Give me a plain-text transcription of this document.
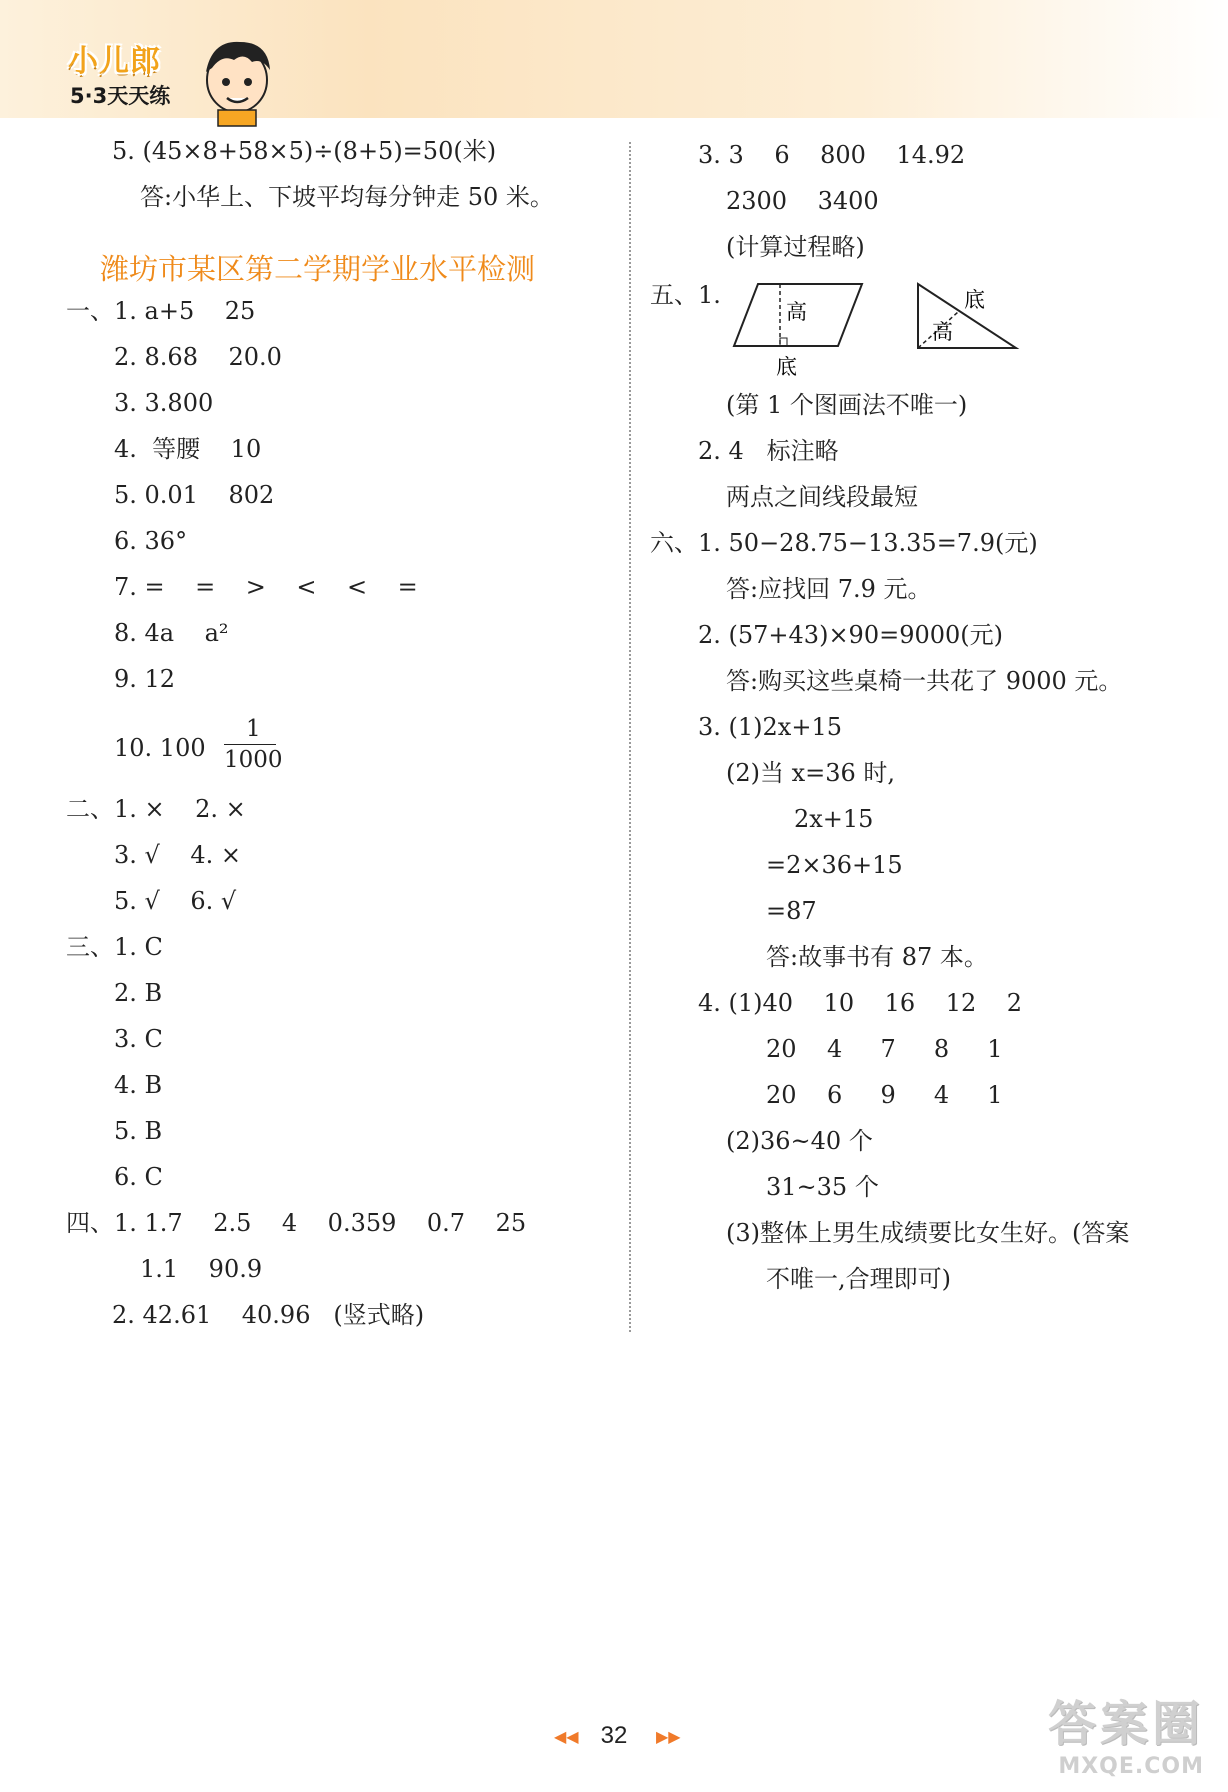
小儿郎
5·3天天练
5. (45×8+58×5)÷(8+5)=50(米)
答:小华上、下坡平均每分钟走 50 米。
潍坊市某区第二学期学业水平检测
一、1. a+5    25
2. 8.68    20.0
3. 3.800
4.  等腰    10
5. 0.01    802
6. 36°
7. =    =    >    <    <    =
8. 4a    a²
9. 12
10. 100
1
1000
二、1. ×    2. ×
3. √    4. ×
5. √    6. √
三、1. C
2. B
3. C
4. B
5. B
6. C
四、1. 1.7    2.5    4    0.359    0.7    25
1.1    90.9
2. 42.61    40.96   (竖式略)
3. 3    6    800    14.92
2300    3400
(计算过程略)
五、1.
高
底
底
高
(第 1 个图画法不唯一)
2. 4   标注略
两点之间线段最短
六、1. 50−28.75−13.35=7.9(元)
答:应找回 7.9 元。
2. (57+43)×90=9000(元)
答:购买这些桌椅一共花了 9000 元。
3. (1)2x+15
(2)当 x=36 时,
2x+15
=2×36+15
=87
答:故事书有 87 本。
4. (1)40    10    16    12    2
20    4     7     8     1
20    6     9     4     1
(2)36~40 个
31~35 个
(3)整体上男生成绩要比女生好。(答案
不唯一,合理即可)
◀◀ 32	▶▶	答案圈
MXQE.COM
